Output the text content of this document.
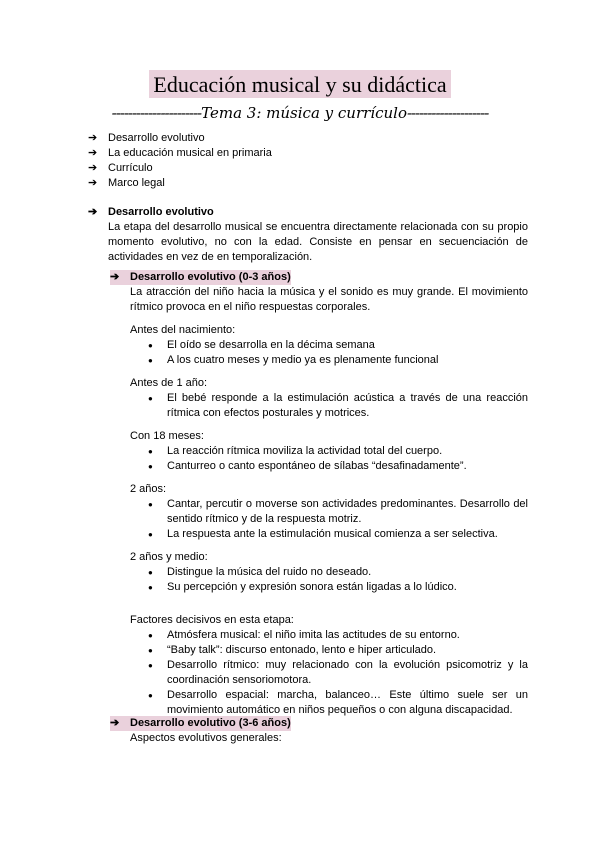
Educación musical y su didáctica
----------------------Tema 3: música y currículo--------------------
➔ Desarrollo evolutivo
➔ La educación musical en primaria
➔ Currículo
➔ Marco legal
➔ Desarrollo evolutivo
La etapa del desarrollo musical se encuentra directamente relacionada con su propio momento evolutivo, no con la edad. Consiste en pensar en secuenciación de actividades en vez de en temporalización.
➔ Desarrollo evolutivo (0-3 años)
La atracción del niño hacia la música y el sonido es muy grande. El movimiento rítmico provoca en el niño respuestas corporales.
Antes del nacimiento:
● El oído se desarrolla en la décima semana
● A los cuatro meses y medio ya es plenamente funcional
Antes de 1 año:
● El bebé responde a la estimulación acústica a través de una reacción rítmica con efectos posturales y motrices.
Con 18 meses:
● La reacción rítmica moviliza la actividad total del cuerpo.
● Canturreo o canto espontáneo de sílabas “desafinadamente”.
2 años:
● Cantar, percutir o moverse son actividades predominantes. Desarrollo del sentido rítmico y de la respuesta motriz.
● La respuesta ante la estimulación musical comienza a ser selectiva.
2 años y medio:
● Distingue la música del ruido no deseado.
● Su percepción y expresión sonora están ligadas a lo lúdico.
Factores decisivos en esta etapa:
● Atmósfera musical: el niño imita las actitudes de su entorno.
● “Baby talk”: discurso entonado, lento e hiper articulado.
● Desarrollo rítmico: muy relacionado con la evolución psicomotriz y la coordinación sensoriomotora.
● Desarrollo espacial: marcha, balanceo… Este último suele ser un movimiento automático en niños pequeños o con alguna discapacidad.
➔ Desarrollo evolutivo (3-6 años)
Aspectos evolutivos generales:
